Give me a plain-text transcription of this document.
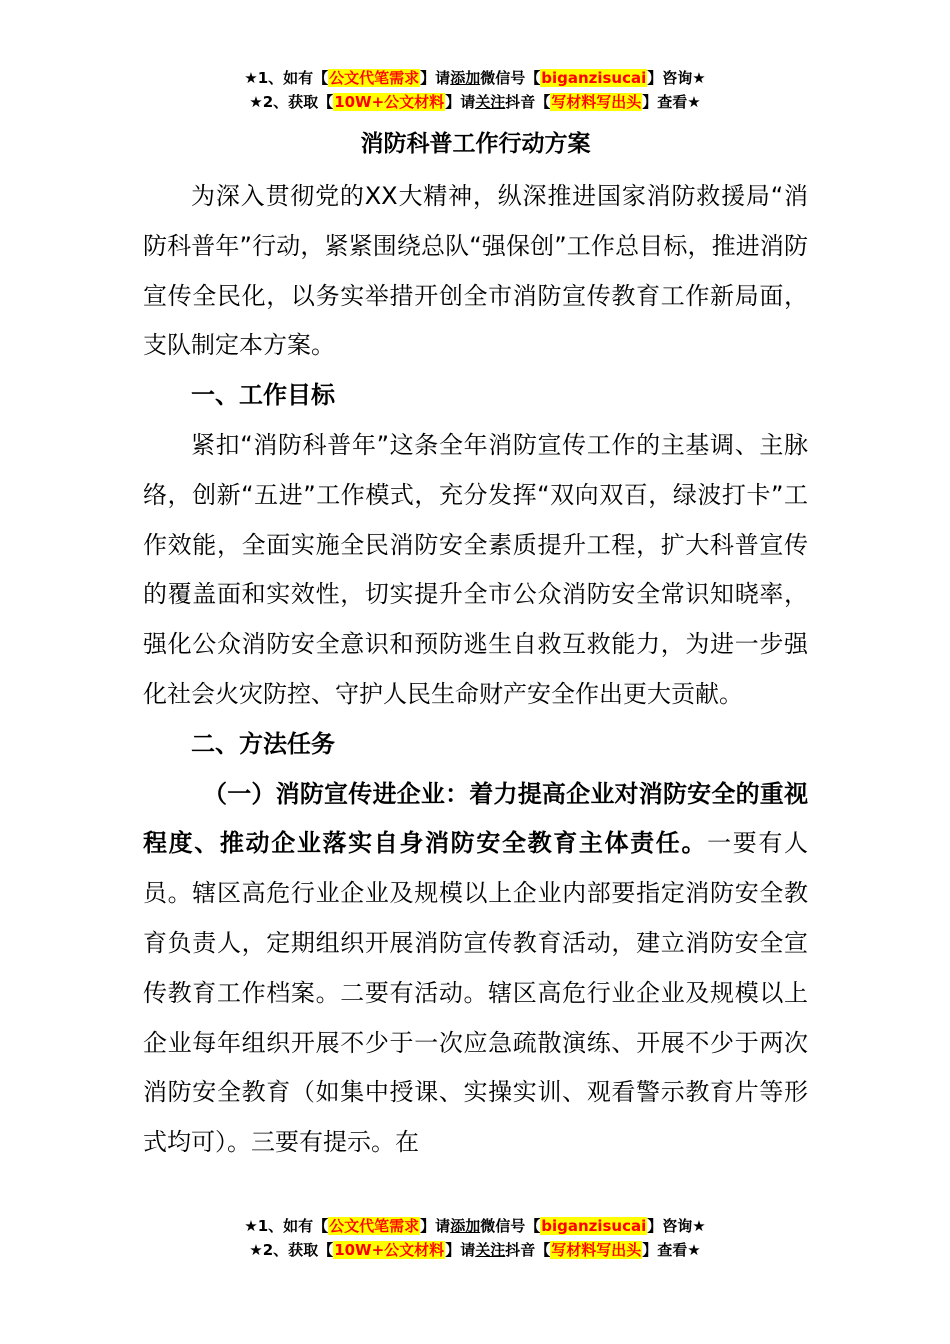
★1、如有【公文代笔需求】请添加微信号【biganzisucai】咨询★
★2、获取【10W+公文材料】请关注抖音【写材料写出头】查看★
消防科普工作行动方案

为深入贯彻党的XX大精神，纵深推进国家消防救援局“消防科普年”行动，紧紧围绕总队“强保创”工作总目标，推进消防宣传全民化，以务实举措开创全市消防宣传教育工作新局面，支队制定本方案。

一、工作目标

紧扣“消防科普年”这条全年消防宣传工作的主基调、主脉络，创新“五进”工作模式，充分发挥“双向双百，绿波打卡”工作效能，全面实施全民消防安全素质提升工程，扩大科普宣传的覆盖面和实效性，切实提升全市公众消防安全常识知晓率，强化公众消防安全意识和预防逃生自救互救能力，为进一步强化社会火灾防控、守护人民生命财产安全作出更大贡献。

二、方法任务

（一）消防宣传进企业：着力提高企业对消防安全的重视程度、推动企业落实自身消防安全教育主体责任。一要有人员。辖区高危行业企业及规模以上企业内部要指定消防安全教育负责人，定期组织开展消防宣传教育活动，建立消防安全宣传教育工作档案。二要有活动。辖区高危行业企业及规模以上企业每年组织开展不少于一次应急疏散演练、开展不少于两次消防安全教育（如集中授课、实操实训、观看警示教育片等形式均可）。三要有提示。在

★1、如有【公文代笔需求】请添加微信号【biganzisucai】咨询★
★2、获取【10W+公文材料】请关注抖音【写材料写出头】查看★
